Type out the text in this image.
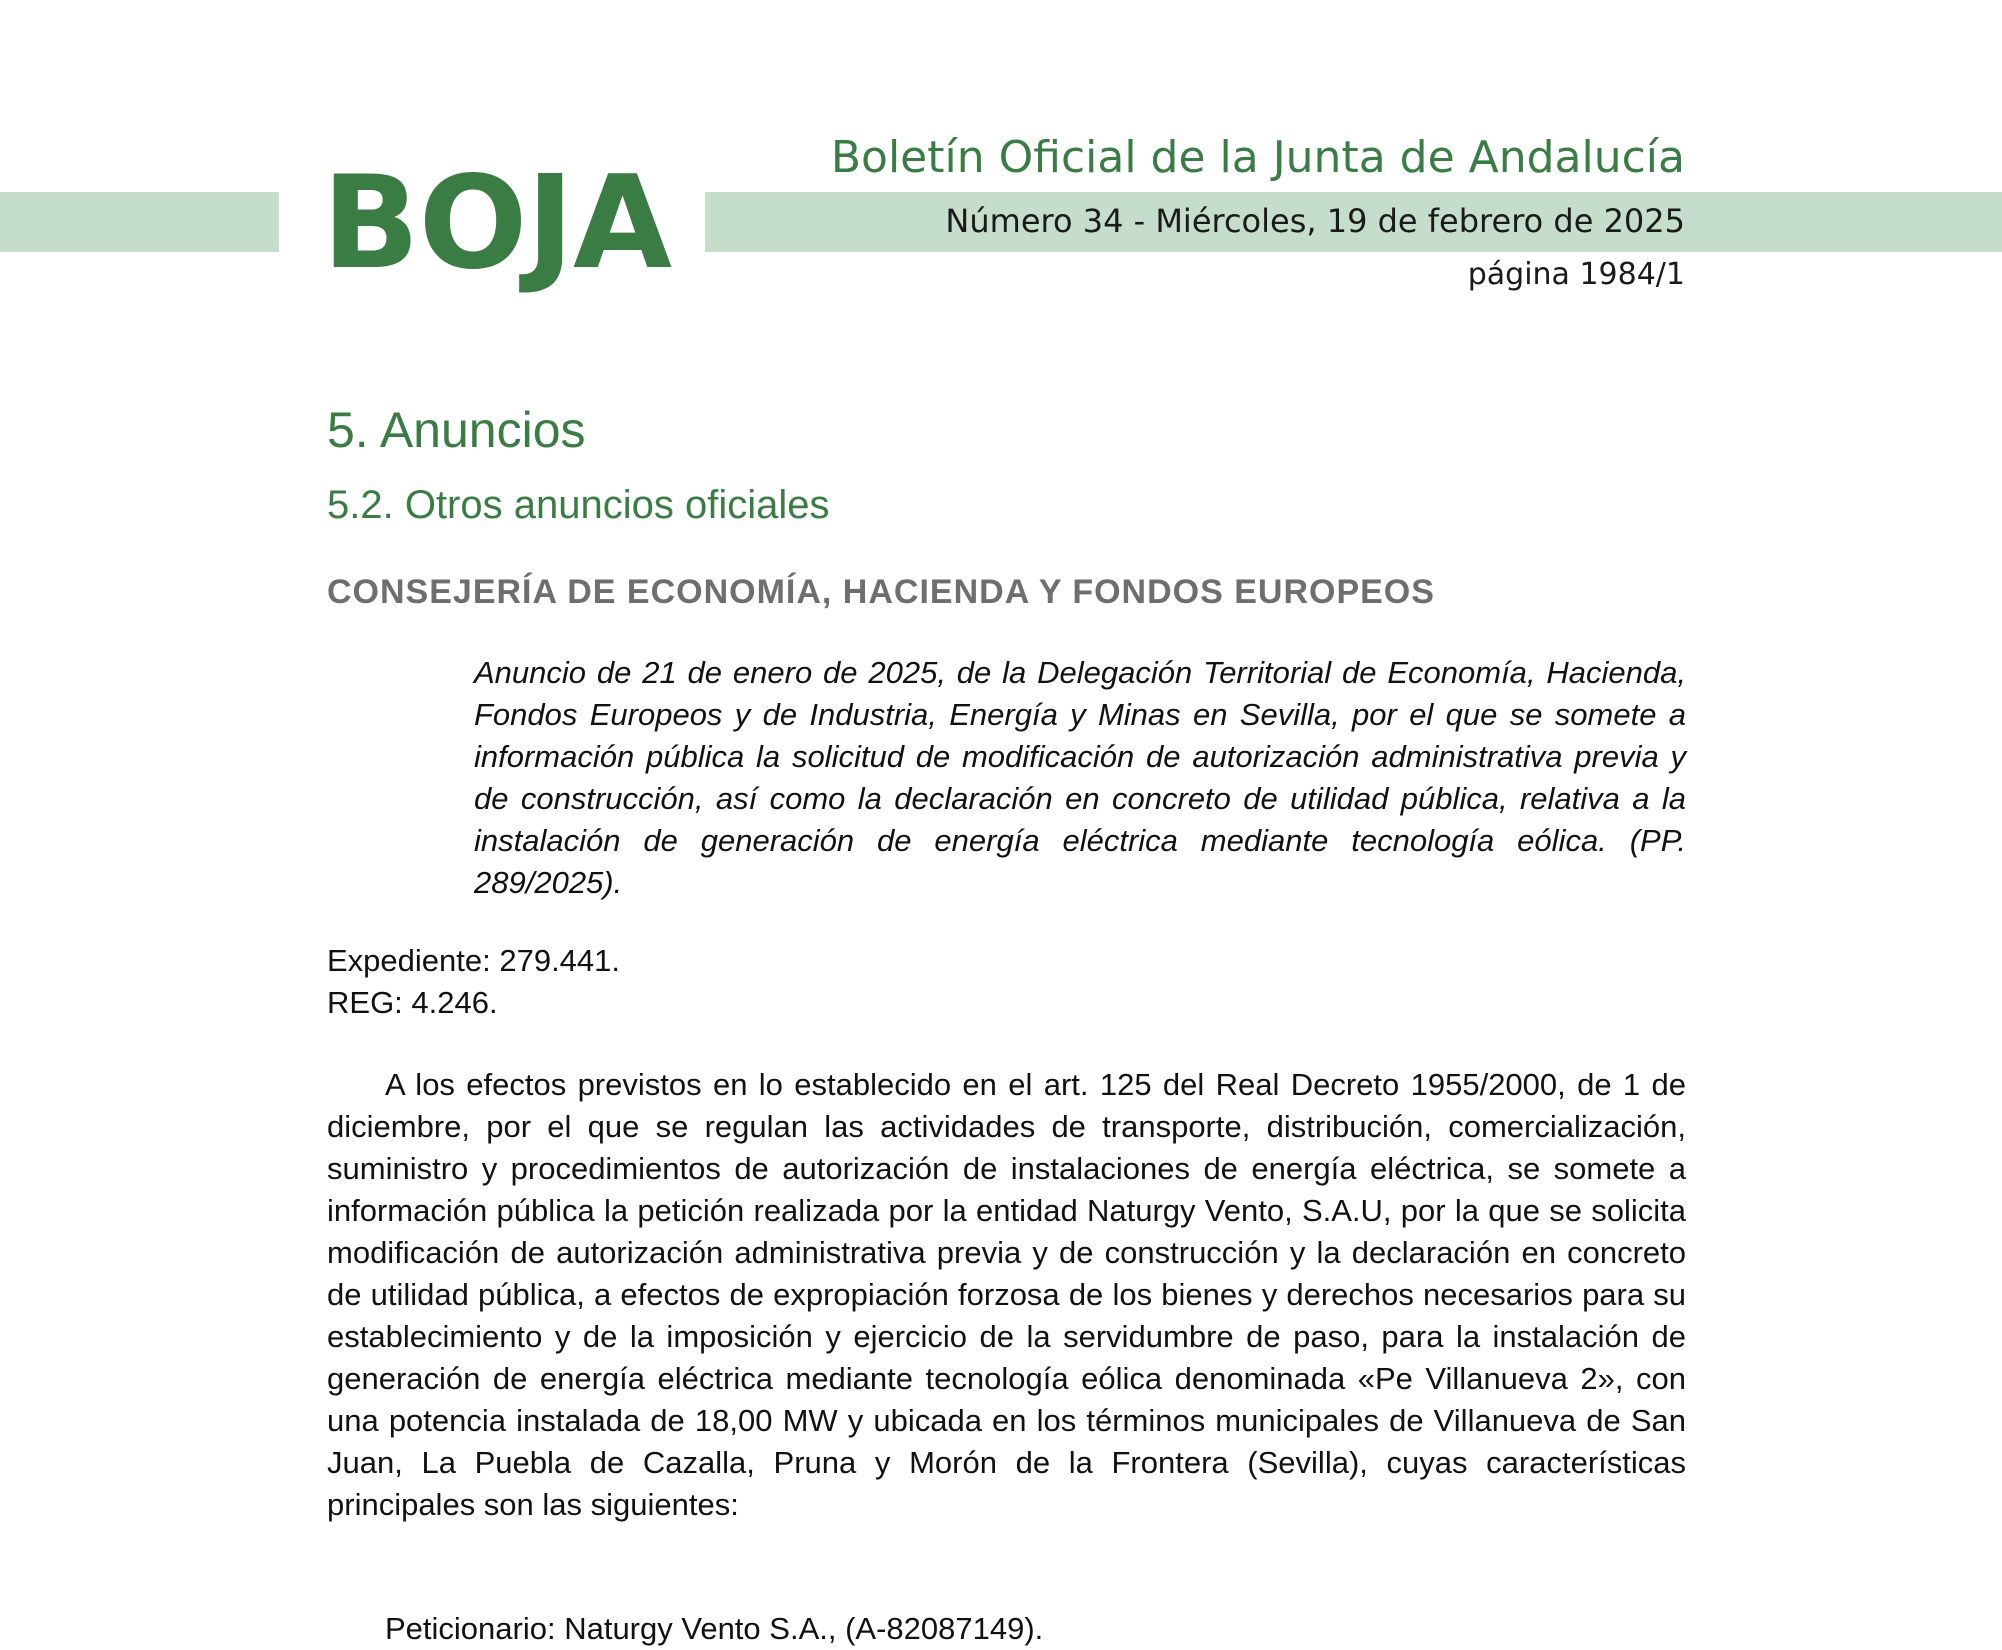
BOJA	Boletín Oficial de la Junta de Andalucía
Número 34 - Miércoles, 19 de febrero de 2025
página 1984/1
5. Anuncios
5.2. Otros anuncios oficiales
CONSEJERÍA DE ECONOMÍA, HACIENDA Y FONDOS EUROPEOS
Anuncio de 21 de enero de 2025, de la Delegación Territorial de Economía, Hacienda, Fondos Europeos y de Industria, Energía y Minas en Sevilla, por el que se somete a información pública la solicitud de modificación de autorización administrativa previa y de construcción, así como la declaración en concreto de utilidad pública, relativa a la instalación de generación de energía eléctrica mediante tecnología eólica. (PP. 289/2025).
Expediente: 279.441.
REG: 4.246.
A los efectos previstos en lo establecido en el art. 125 del Real Decreto 1955/2000, de 1 de diciembre, por el que se regulan las actividades de transporte, distribución, comercialización, suministro y procedimientos de autorización de instalaciones de energía eléctrica, se somete a información pública la petición realizada por la entidad Naturgy Vento, S.A.U, por la que se solicita modificación de autorización administrativa previa y de construcción y la declaración en concreto de utilidad pública, a efectos de expropiación forzosa de los bienes y derechos necesarios para su establecimiento y de la imposición y ejercicio de la servidumbre de paso, para la instalación de generación de energía eléctrica mediante tecnología eólica denominada «Pe Villanueva 2», con una potencia instalada de 18,00 MW y ubicada en los términos municipales de Villanueva de San Juan, La Puebla de Cazalla, Pruna y Morón de la Frontera (Sevilla), cuyas características principales son las siguientes:
Peticionario: Naturgy Vento S.A., (A-82087149).
